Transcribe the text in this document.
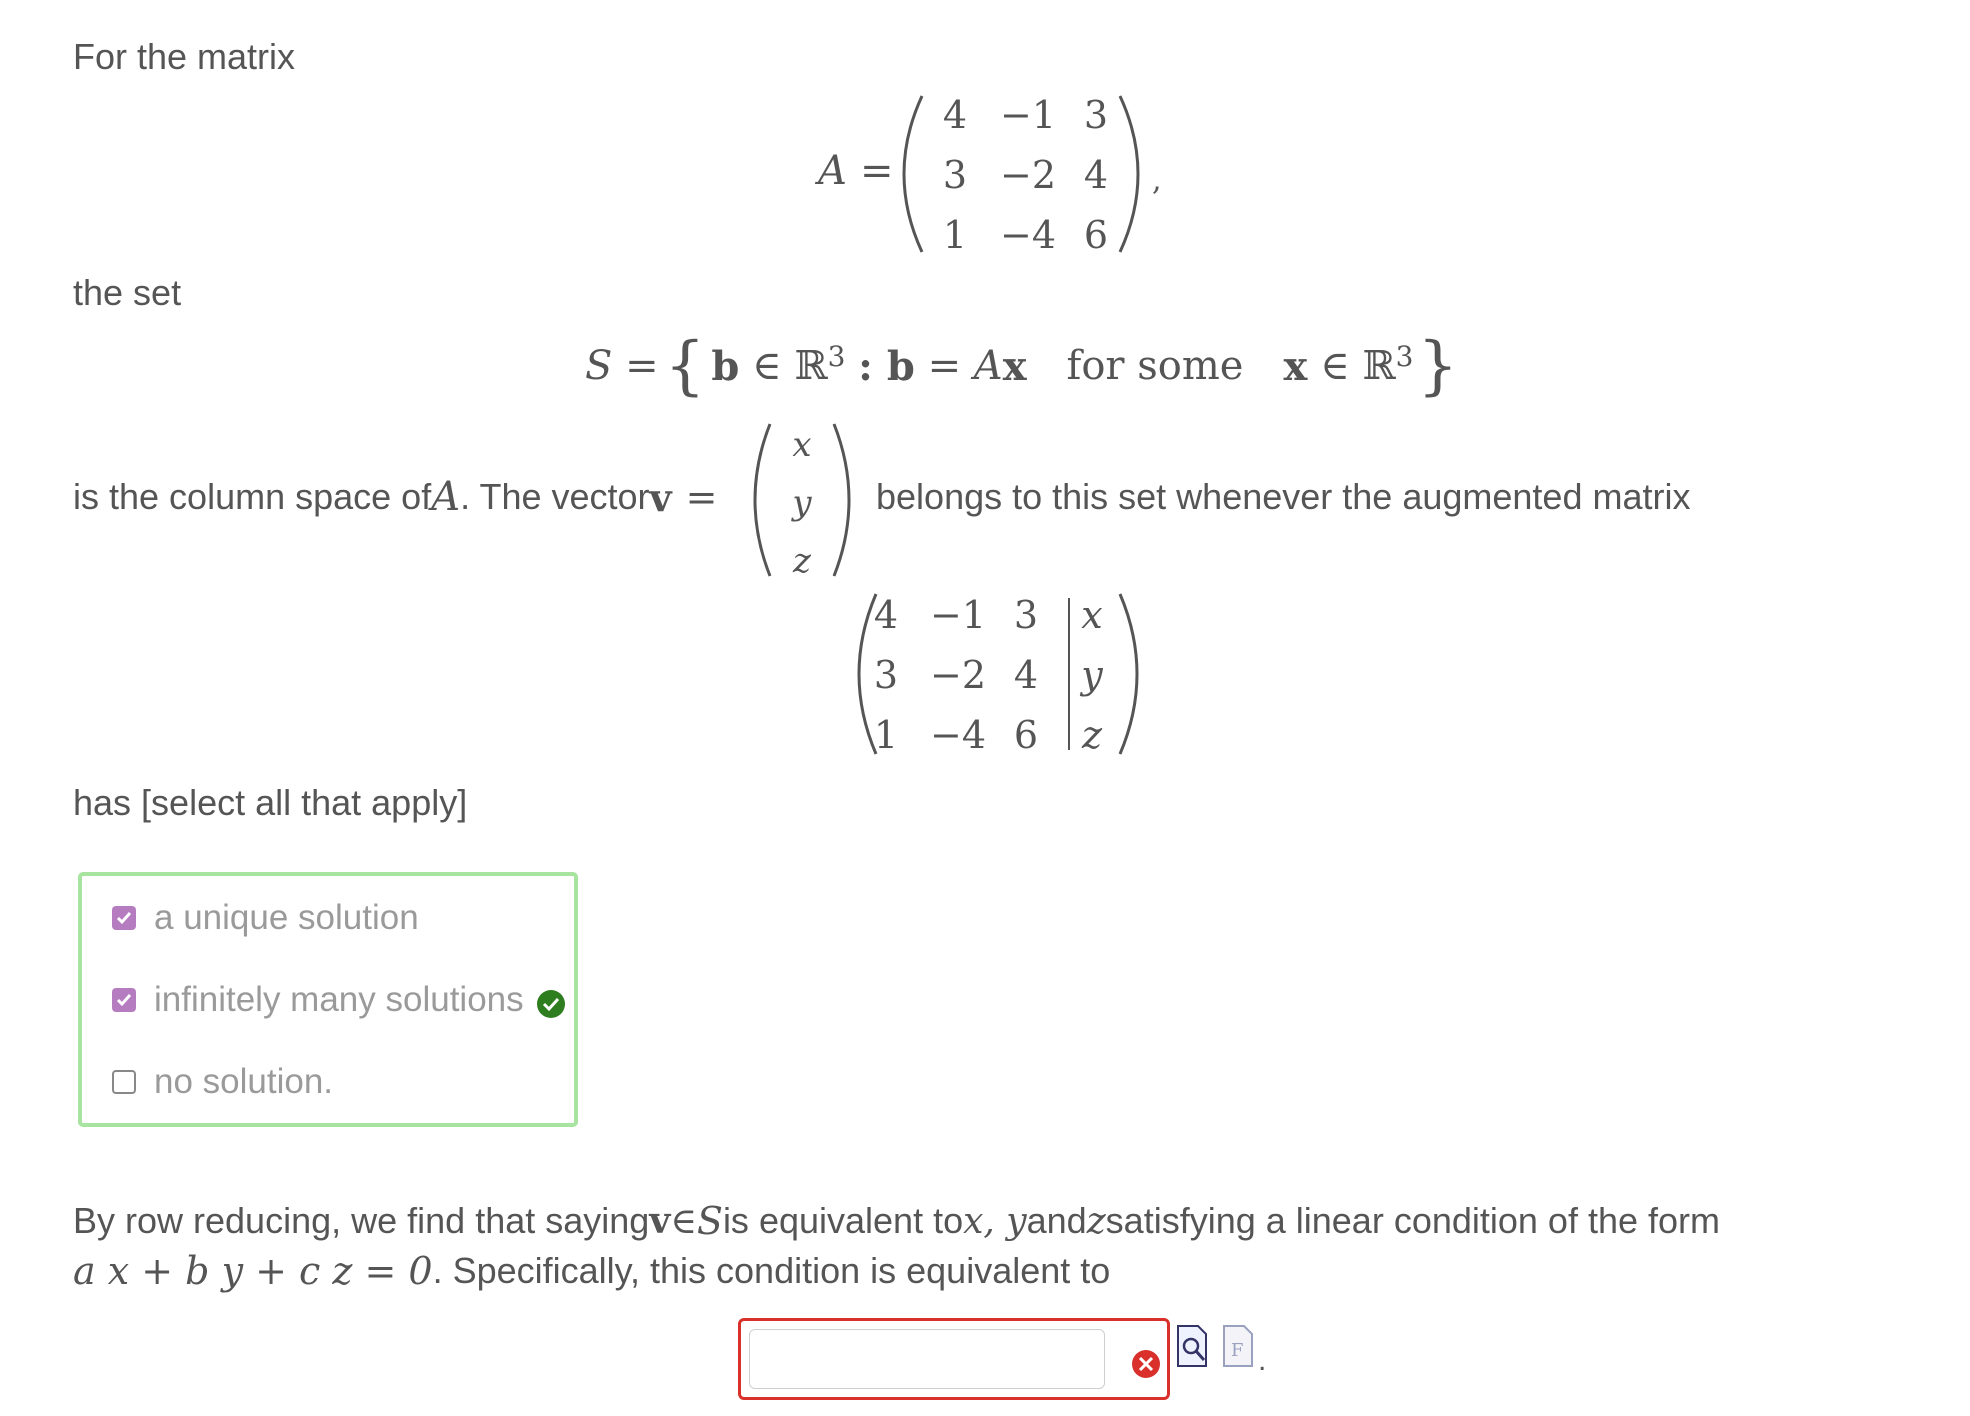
For the matrix
A =
4 −1 3
3 −2 4
1 −4 6
,
the set
S = { b
∈ ℝ$^3$
: b
= A x for some x
∈ ℝ$^3$ }
is the column space of A . The vector v =
x
y
z
belongs to this set whenever the augmented matrix
4 −1 3 x
3 −2 4 y
1 −4 6 z
has [select all that apply]
a unique solution
infinitely many solutions
no solution.
By row reducing, we find that saying v ∈ S is equivalent to x, y and z satisfying a linear condition of the form
a x + b y + c z = 0 . Specifically, this condition is equivalent to
F .
